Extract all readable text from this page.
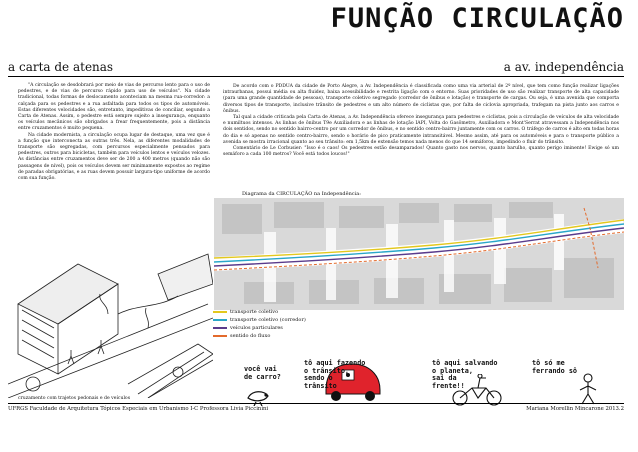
FUNÇÃO CIRCULAÇÃO
a carta de atenas	a av. independência

"A circulação se desdobrará por meio de vias de percurso lento para o uso de pedestres, e de vias de percurso rápido para uso de veículos". Na cidade tradicional, todas formas de deslocamento aconteciam na mesma rua-corredor: a calçada para os pedestres e a rua asfaltada para todos os tipos de automóveis. Estas diferentes velocidades são, entretanto, impeditivas de conciliar, segundo a Carta de Atenas. Assim, o pedestre está sempre sujeito a insegurança, enquanto os veículos mecânicos são obrigados a frear frequentemente, pois a distância entre cruzamentos é muito pequena.

Na cidade modernista, a circulação ocupa lugar de destaque, uma vez que é a função que interconecta as outras três. Nela, as diferentes modalidades de transporte são segregadas, com percursos especialmente pensados para pedestres, outros para bicicletas, também para veículos lentos e veículos velozes. As distâncias entre cruzamentos deve ser de 200 a 400 metros (quando não são passagens de nível), pois os veículos devem ser minimamente expostos ao regime de paradas obrigatórias, e as ruas devem possuir largura-tipo uniforme de acordo com sua função.

De acordo com o PDDUA da cidade de Porto Alegre, a Av. Independência é classificada como uma via arterial de 2º nível, que tem como função realizar ligações intraurbanas, possui média ou alta fluidez, baixa acessibilidade e restrita ligação com o entorno. Suas prioridades de uso são realizar transporte de alta capacidade (para uma grande quantidade de pessoas), transporte coletivo segregado (corredor de ônibus e lotação) e transporte de cargas. Ou seja, é uma avenida que comporta diversos tipos de transporte, inclusive trânsito de pedestres e um alto número de ciclistas que, por falta de ciclovia apropriada, trafegam na pista junto aos carros e ônibus.

Tal qual a cidade criticada pela Carta de Atenas, a Av. Independência oferece insegurança para pedestres e ciclistas, pois a circulação de veículos de alta velocidade e numiltuos intensos. As linhas de ônibus T9e Auxiliadora e as linhas de lotação IAPI, Volta do Gasômetro, Auxiliadora e Mont'Serrat atravessam a Independência nos dois sentidos, sendo no sentido bairro-centro por um corredor de ônibus, e no sentido centro-bairro juntamente com os carros. O tráfego de carros é alto em todas horas do dia e só apenas no sentido centro-bairro, sendo o horário de pico praticamente intransitável. Mesmo assim, até para os automóveis e para o transporte público a avenida se mostra irracional quanto ao seu trânsito: em 1,5km de extensão temos nada menos do que 14 semáforos, impedindo o fluir do trânsito.

Comentário de Le Corbusier: "Isso é o caos! Os pedestres estão desamparados! Quanto gasto nos nervos, quanto barulho, quanto perigo iminente! Ewige só um semáforo a cada 100 metros? Você está todos loucos!"

Diagrama da CIRCULAÇÃO na Independência:
transporte coletivo
transporte coletivo (corredor)
veículos particulares
sentido do fluxo
cruzamento com trajetos pedonais e de veículos
você vai
de carro?
tô aqui fazendo
o trânsito,
sendo o
trânsito
tô aqui salvando
o planeta,
sai da
frente!!
tô só me
ferrando sô
UFRGS Faculdade de Arquitetura Tópicos Especiais em Urbanismo I-C Professora Livia Piccinini	Mariana Morellin Mincarone 2013.2
